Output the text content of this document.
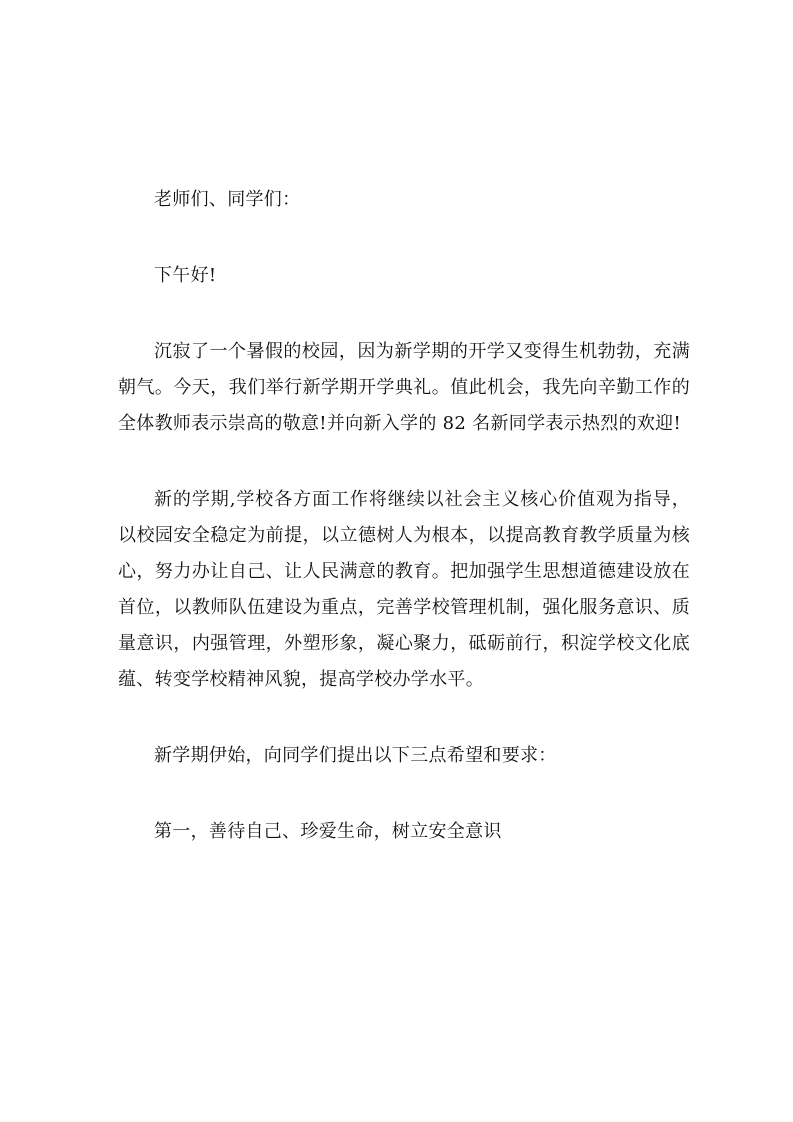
老师们、同学们：

下午好!

沉寂了一个暑假的校园，因为新学期的开学又变得生机勃勃，充满朝气。今天，我们举行新学期开学典礼。值此机会，我先向辛勤工作的全体教师表示崇高的敬意!并向新入学的 82 名新同学表示热烈的欢迎!

新的学期,学校各方面工作将继续以社会主义核心价值观为指导，以校园安全稳定为前提，以立德树人为根本，以提高教育教学质量为核心，努力办让自己、让人民满意的教育。把加强学生思想道德建设放在首位，以教师队伍建设为重点，完善学校管理机制，强化服务意识、质量意识，内强管理，外塑形象，凝心聚力，砥砺前行，积淀学校文化底蕴、转变学校精神风貌，提高学校办学水平。

新学期伊始，向同学们提出以下三点希望和要求：

第一，善待自己、珍爱生命，树立安全意识
